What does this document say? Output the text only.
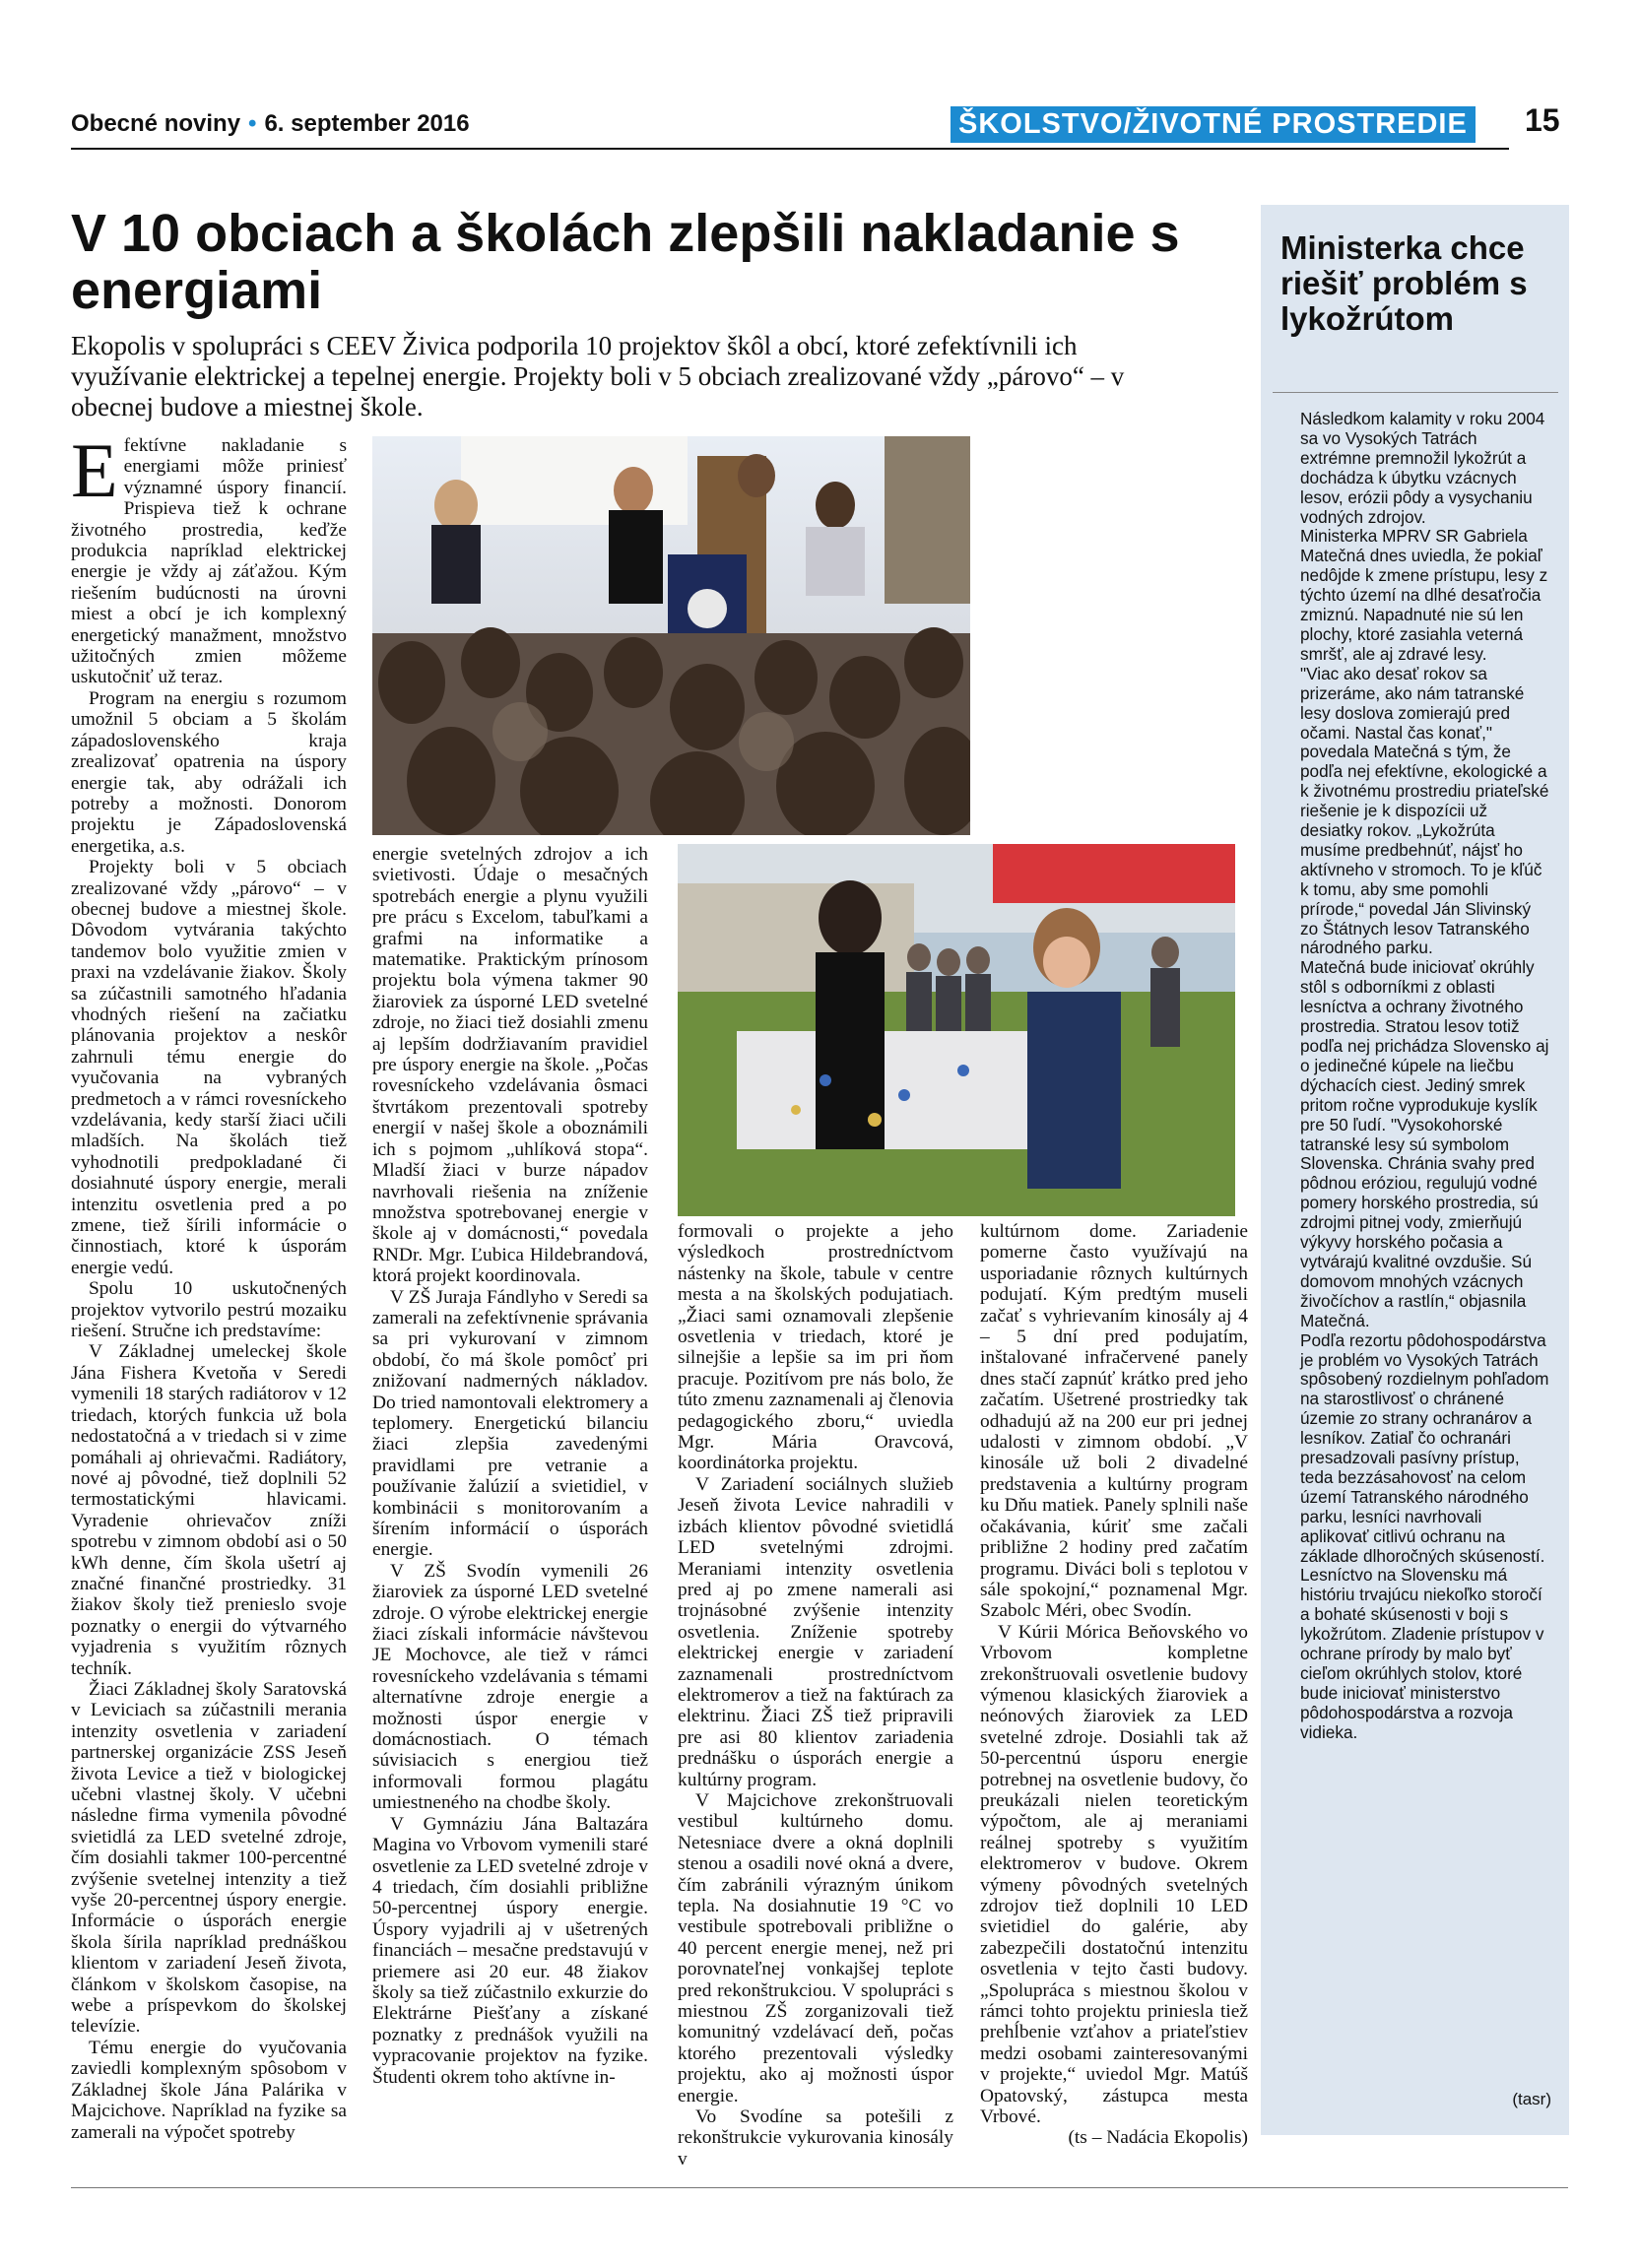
Obecné noviny • 6. september 2016	ŠKOLSTVO/ŽIVOTNÉ PROSTREDIE 15
V 10 obciach a školách zlepšili nakladanie s energiami
Ekopolis v spolupráci s CEEV Živica podporila 10 projektov škôl a obcí, ktoré zefektívnili ich využívanie elektrickej a tepelnej energie. Projekty boli v 5 obciach zrealizované vždy „párovo“ – v obecnej budove a miestnej škole.

Efektívne nakladanie s energiami môže priniesť významné úspory financií. Prispieva tiež k ochrane životného prostredia, keďže produkcia napríklad elektrickej energie je vždy aj záťažou. Kým riešením budúcnosti na úrovni miest a obcí je ich komplexný energetický manažment, množstvo užitočných zmien môžeme uskutočniť už teraz.

Program na energiu s rozumom umožnil 5 obciam a 5 školám západoslovenského kraja zrealizovať opatrenia na úspory energie tak, aby odrážali ich potreby a možnosti. Donorom projektu je Západoslovenská energetika, a.s.

Projekty boli v 5 obciach zrealizované vždy „párovo“ – v obecnej budove a miestnej škole. Dôvodom vytvárania takýchto tandemov bolo využitie zmien v praxi na vzdelávanie žiakov. Školy sa zúčastnili samotného hľadania vhodných riešení na začiatku plánovania projektov a neskôr zahrnuli tému energie do vyučovania na vybraných predmetoch a v rámci rovesníckeho vzdelávania, kedy starší žiaci učili mladších. Na školách tiež vyhodnotili predpokladané či dosiahnuté úspory energie, merali intenzitu osvetlenia pred a po zmene, tiež šírili informácie o činnostiach, ktoré k úsporám energie vedú.

Spolu 10 uskutočnených projektov vytvorilo pestrú mozaiku riešení. Stručne ich predstavíme:

V Základnej umeleckej škole Jána Fishera Kvetoňa v Seredi vymenili 18 starých radiátorov v 12 triedach, ktorých funkcia už bola nedostatočná a v triedach si v zime pomáhali aj ohrievačmi. Radiátory, nové aj pôvodné, tiež doplnili 52 termostatickými hlavicami. Vyradenie ohrievačov zníži spotrebu v zimnom období asi o 50 kWh denne, čím škola ušetrí aj značné finančné prostriedky. 31 žiakov školy tiež prenieslo svoje poznatky o energii do výtvarného vyjadrenia s využitím rôznych techník.

Žiaci Základnej školy Saratovská v Leviciach sa zúčastnili merania intenzity osvetlenia v zariadení partnerskej organizácie ZSS Jeseň života Levice a tiež v biologickej učebni vlastnej školy. V učebni následne firma vymenila pôvodné svietidlá za LED svetelné zdroje, čím dosiahli takmer 100-percentné zvýšenie svetelnej intenzity a tiež vyše 20-percentnej úspory energie. Informácie o úsporách energie škola šírila napríklad prednáškou klientom v zariadení Jeseň života, článkom v školskom časopise, na webe a príspevkom do školskej televízie.

Tému energie do vyučovania zaviedli komplexným spôsobom v Základnej škole Jána Palárika v Majcichove. Napríklad na fyzike sa zamerali na výpočet spotreby

energie svetelných zdrojov a ich svietivosti. Údaje o mesačných spotrebách energie a plynu využili pre prácu s Excelom, tabuľkami a grafmi na informatike a matematike. Praktickým prínosom projektu bola výmena takmer 90 žiaroviek za úsporné LED svetelné zdroje, no žiaci tiež dosiahli zmenu aj lepším dodržiavaním pravidiel pre úspory energie na škole. „Počas rovesníckeho vzdelávania ôsmaci štvrtákom prezentovali spotreby energií v našej škole a oboznámili ich s pojmom „uhlíková stopa“. Mladší žiaci v burze nápadov navrhovali riešenia na zníženie množstva spotrebovanej energie v škole aj v domácnosti,“ povedala RNDr. Mgr. Ľubica Hildebrandová, ktorá projekt koordinovala.

V ZŠ Juraja Fándlyho v Seredi sa zamerali na zefektívnenie správania sa pri vykurovaní v zimnom období, čo má škole pomôcť pri znižovaní nadmerných nákladov. Do tried namontovali elektromery a teplomery. Energetickú bilanciu žiaci zlepšia zavedenými pravidlami pre vetranie a používanie žalúzií a svietidiel, v kombinácii s monitorovaním a šírením informácií o úsporách energie.

V ZŠ Svodín vymenili 26 žiaroviek za úsporné LED svetelné zdroje. O výrobe elektrickej energie žiaci získali informácie návštevou JE Mochovce, ale tiež v rámci rovesníckeho vzdelávania s témami alternatívne zdroje energie a možnosti úspor energie v domácnostiach. O témach súvisiacich s energiou tiež informovali formou plagátu umiestneného na chodbe školy.

V Gymnáziu Jána Baltazára Magina vo Vrbovom vymenili staré osvetlenie za LED svetelné zdroje v 4 triedach, čím dosiahli približne 50-percentnej úspory energie. Úspory vyjadrili aj v ušetrených financiách – mesačne predstavujú v priemere asi 20 eur. 48 žiakov školy sa tiež zúčastnilo exkurzie do Elektrárne Piešťany a získané poznatky z prednášok využili na vypracovanie projektov na fyzike. Študenti okrem toho aktívne in-

formovali o projekte a jeho výsledkoch prostredníctvom nástenky na škole, tabule v centre mesta a na školských podujatiach. „Žiaci sami oznamovali zlepšenie osvetlenia v triedach, ktoré je silnejšie a lepšie sa im pri ňom pracuje. Pozitívom pre nás bolo, že túto zmenu zaznamenali aj členovia pedagogického zboru,“ uviedla Mgr. Mária Oravcová, koordinátorka projektu.

V Zariadení sociálnych služieb Jeseň života Levice nahradili v izbách klientov pôvodné svietidlá LED svetelnými zdrojmi. Meraniami intenzity osvetlenia pred aj po zmene namerali asi trojnásobné zvýšenie intenzity osvetlenia. Zníženie spotreby elektrickej energie v zariadení zaznamenali prostredníctvom elektromerov a tiež na faktúrach za elektrinu. Žiaci ZŠ tiež pripravili pre asi 80 klientov zariadenia prednášku o úsporách energie a kultúrny program.

V Majcichove zrekonštruovali vestibul kultúrneho domu. Netesniace dvere a okná doplnili stenou a osadili nové okná a dvere, čím zabránili výrazným únikom tepla. Na dosiahnutie 19 °C vo vestibule spotrebovali približne o 40 percent energie menej, než pri porovnateľnej vonkajšej teplote pred rekonštrukciou. V spolupráci s miestnou ZŠ zorganizovali tiež komunitný vzdelávací deň, počas ktorého prezentovali výsledky projektu, ako aj možnosti úspor energie.

Vo Svodíne sa potešili z rekonštrukcie vykurovania kinosály v

kultúrnom dome. Zariadenie pomerne často využívajú na usporiadanie rôznych kultúrnych podujatí. Kým predtým museli začať s vyhrievaním kinosály aj 4 – 5 dní pred podujatím, inštalované infračervené panely dnes stačí zapnúť krátko pred jeho začatím. Ušetrené prostriedky tak odhadujú až na 200 eur pri jednej udalosti v zimnom období. „V kinosále už boli 2 divadelné predstavenia a kultúrny program ku Dňu matiek. Panely splnili naše očakávania, kúriť sme začali približne 2 hodiny pred začatím programu. Diváci boli s teplotou v sále spokojní,“ poznamenal Mgr. Szabolc Méri, obec Svodín.

V Kúrii Mórica Beňovského vo Vrbovom kompletne zrekonštruovali osvetlenie budovy výmenou klasických žiaroviek a neónových žiaroviek za LED svetelné zdroje. Dosiahli tak až 50-percentnú úsporu energie potrebnej na osvetlenie budovy, čo preukázali nielen teoretickým výpočtom, ale aj meraniami reálnej spotreby s využitím elektromerov v budove. Okrem výmeny pôvodných svetelných zdrojov tiež doplnili 10 LED svietidiel do galérie, aby zabezpečili dostatočnú intenzitu osvetlenia v tejto časti budovy. „Spolupráca s miestnou školou v rámci tohto projektu priniesla tiež prehĺbenie vzťahov a priateľstiev medzi osobami zainteresovanými v projekte,“ uviedol Mgr. Matúš Opatovský, zástupca mesta Vrbové.

(ts – Nadácia Ekopolis)

Ministerka chce riešiť problém s lykožrútom

Následkom kalamity v roku 2004 sa vo Vysokých Tatrách extrémne premnožil lykožrút a dochádza k úbytku vzácnych lesov, erózii pôdy a vysychaniu vodných zdrojov.

Ministerka MPRV SR Gabriela Matečná dnes uviedla, že pokiaľ nedôjde k zmene prístupu, lesy z týchto území na dlhé desaťročia zmiznú. Napadnuté nie sú len plochy, ktoré zasiahla veterná smršť, ale aj zdravé lesy.

"Viac ako desať rokov sa prizeráme, ako nám tatranské lesy doslova zomierajú pred očami. Nastal čas konať," povedala Matečná s tým, že podľa nej efektívne, ekologické a k životnému prostrediu priateľské riešenie je k dispozícii už desiatky rokov. „Lykožrúta musíme predbehnúť, nájsť ho aktívneho v stromoch. To je kľúč k tomu, aby sme pomohli prírode,“ povedal Ján Slivinský zo Štátnych lesov Tatranského národného parku.

Matečná bude iniciovať okrúhly stôl s odborníkmi z oblasti lesníctva a ochrany životného prostredia. Stratou lesov totiž podľa nej prichádza Slovensko aj o jedinečné kúpele na liečbu dýchacích ciest. Jediný smrek pritom ročne vyprodukuje kyslík pre 50 ľudí. "Vysokohorské tatranské lesy sú symbolom Slovenska. Chránia svahy pred pôdnou eróziou, regulujú vodné pomery horského prostredia, sú zdrojmi pitnej vody, zmierňujú výkyvy horského počasia a vytvárajú kvalitné ovzdušie. Sú domovom mnohých vzácnych živočíchov a rastlín,“ objasnila Matečná.

Podľa rezortu pôdohospodárstva je problém vo Vysokých Tatrách spôsobený rozdielnym pohľadom na starostlivosť o chránené územie zo strany ochranárov a lesníkov. Zatiaľ čo ochranári presadzovali pasívny prístup, teda bezzásahovosť na celom území Tatranského národného parku, lesníci navrhovali aplikovať citlivú ochranu na základe dlhoročných skúseností. Lesníctvo na Slovensku má históriu trvajúcu niekoľko storočí a bohaté skúsenosti v boji s lykožrútom. Zladenie prístupov v ochrane prírody by malo byť cieľom okrúhlych stolov, ktoré bude iniciovať ministerstvo pôdohospodárstva a rozvoja vidieka.

(tasr)
